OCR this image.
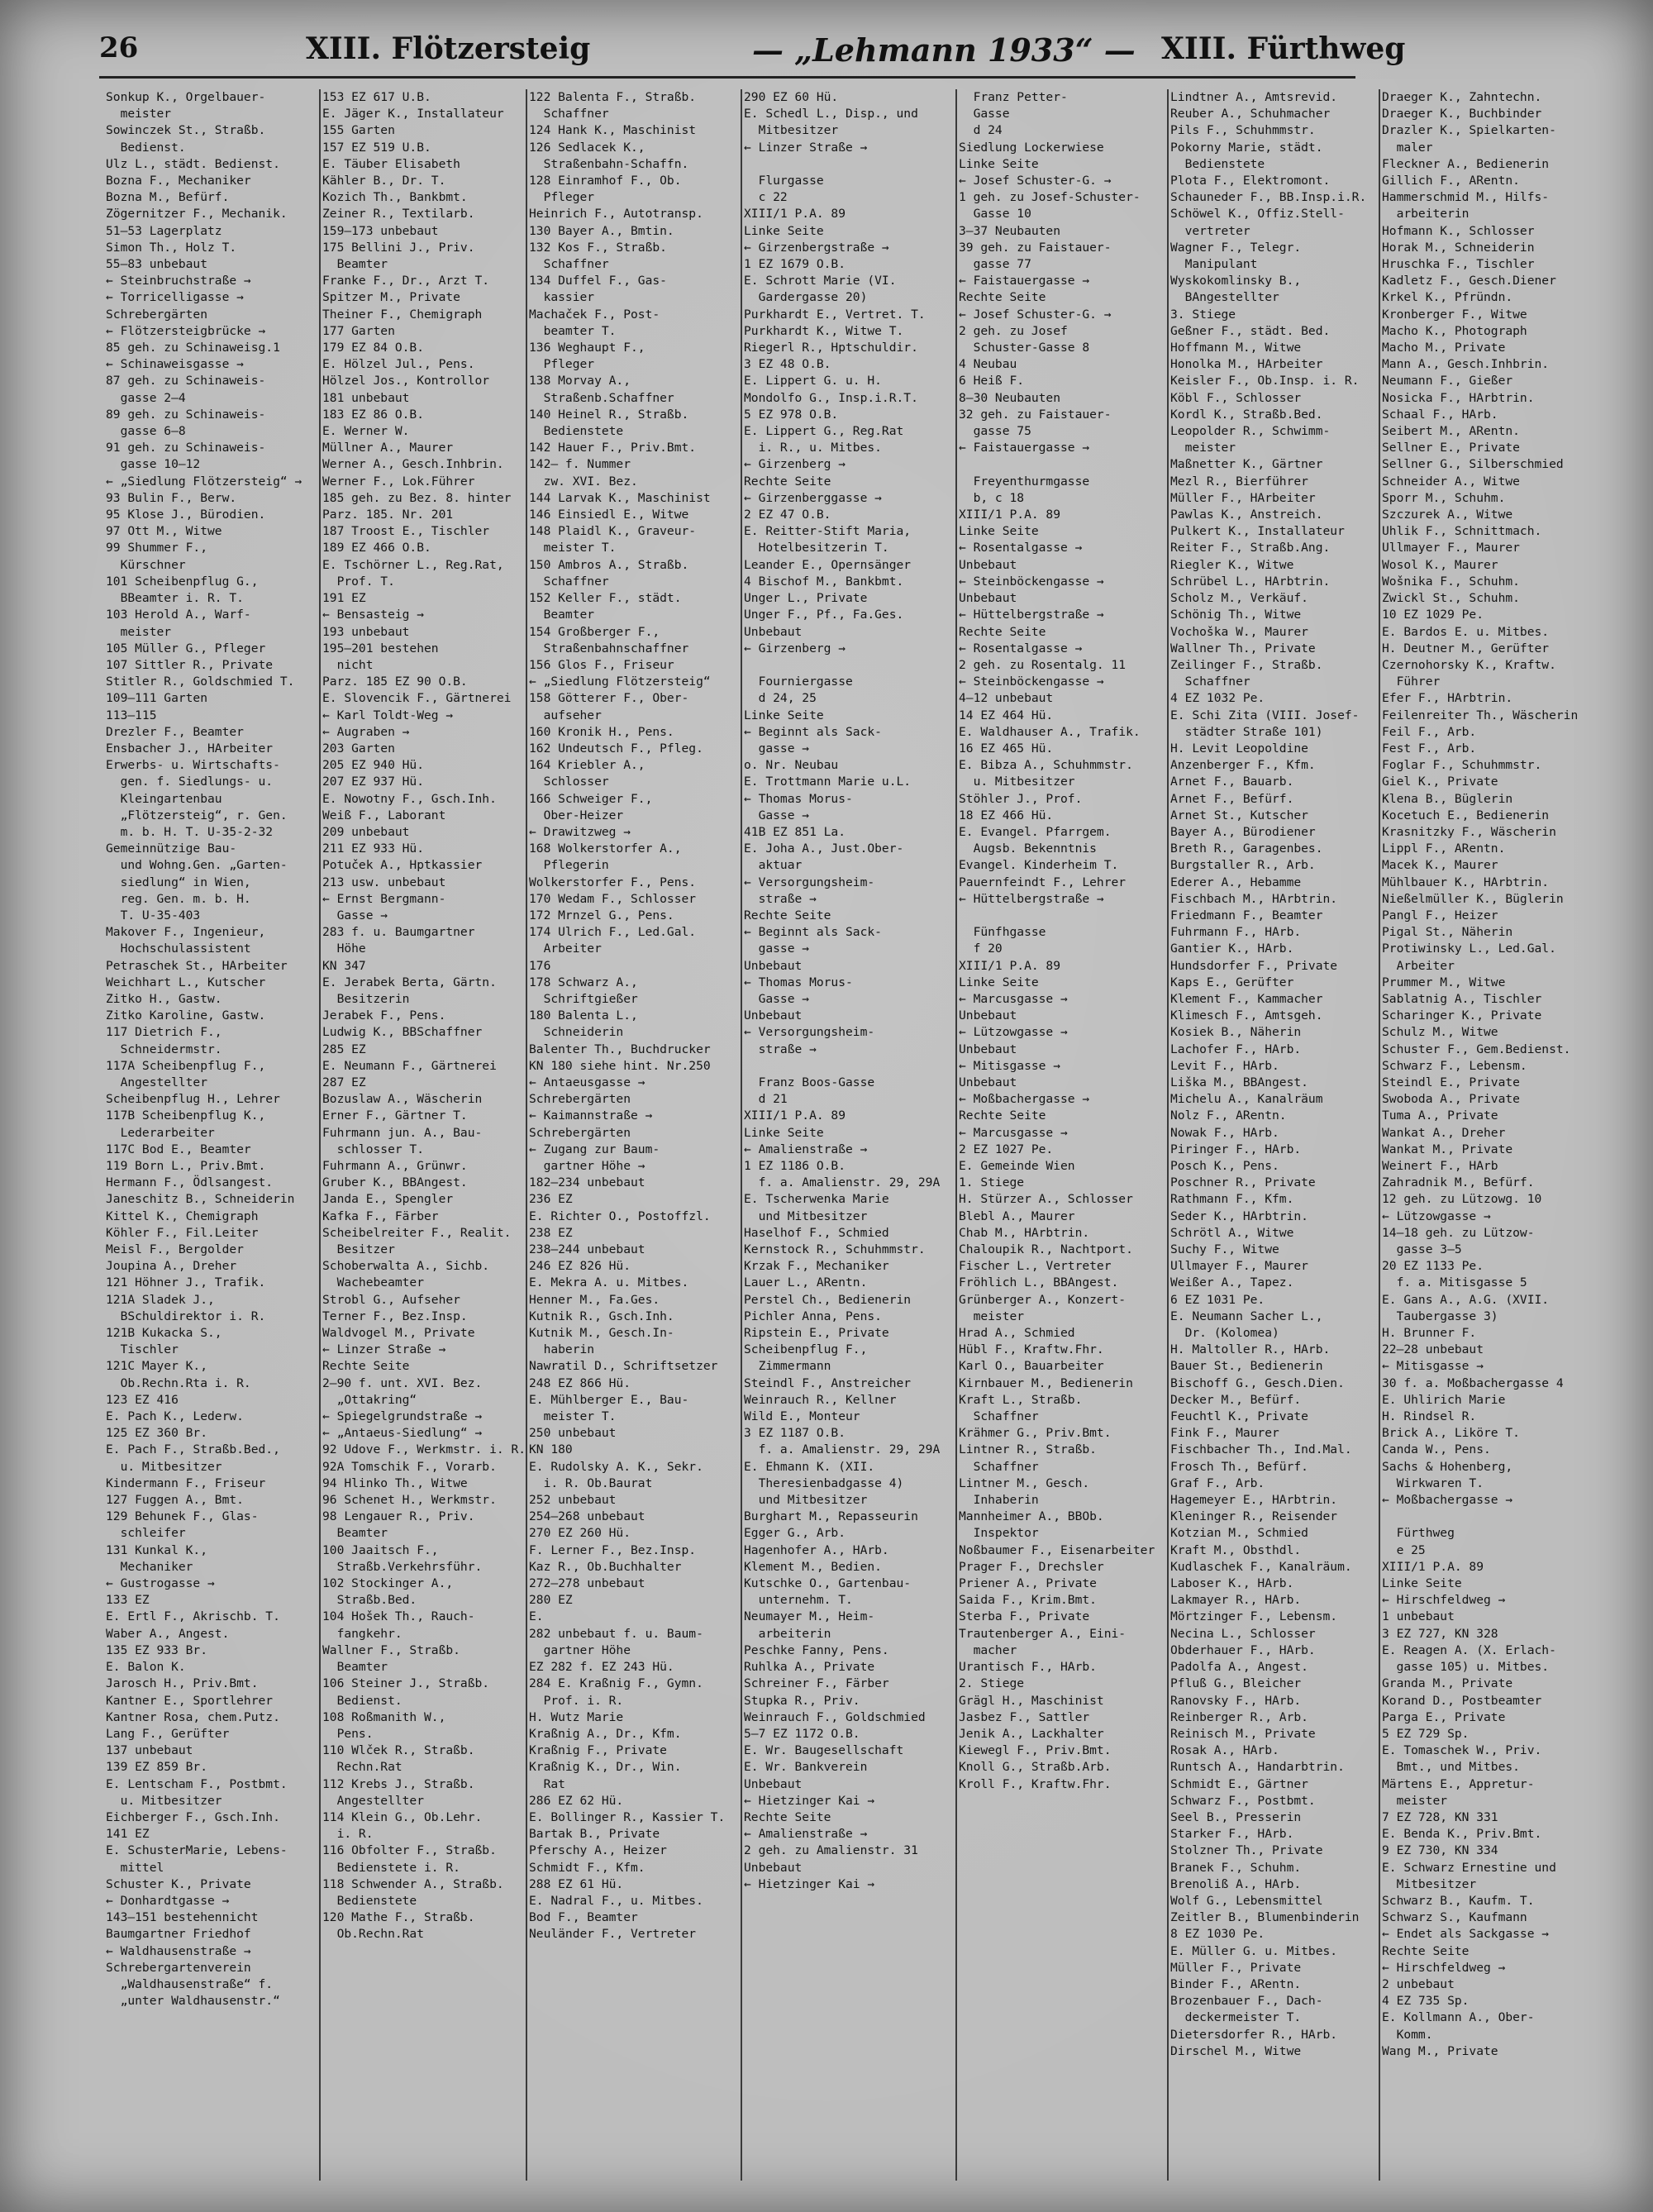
26	XIII. Flötzersteig	— „Lehmann 1933“ — XIII. Fürthweg
Sonkup K., Orgelbauer-
meister
Sowinczek St., Straßb.
Bedienst.
Ulz L., städt. Bedienst.
Bozna F., Mechaniker
Bozna M., Befürf.
Zögernitzer F., Mechanik.
51—53 Lagerplatz
Simon Th., Holz T.
55—83 unbebaut
← Steinbruchstraße →
← Torricelligasse →
Schrebergärten
← Flötzersteigbrücke →
85 geh. zu Schinaweisg.1
← Schinaweisgasse →
87 geh. zu Schinaweis-
gasse 2—4
89 geh. zu Schinaweis-
gasse 6—8
91 geh. zu Schinaweis-
gasse 10—12
← „Siedlung Flötzersteig“ →
93 Bulin F., Berw.
95 Klose J., Bürodien.
97 Ott M., Witwe
99 Shummer F.,
Kürschner
101 Scheibenpflug G.,
BBeamter i. R. T.
103 Herold A., Warf-
meister
105 Müller G., Pfleger
107 Sittler R., Private
Stitler R., Goldschmied T.
109—111 Garten
113—115
Drezler F., Beamter
Ensbacher J., HArbeiter
Erwerbs- u. Wirtschafts-
gen. f. Siedlungs- u.
Kleingartenbau
„Flötzersteig“, r. Gen.
m. b. H. T. U-35-2-32
Gemeinnützige Bau-
und Wohng.Gen. „Garten-
siedlung“ in Wien,
reg. Gen. m. b. H.
T. U-35-403
Makover F., Ingenieur,
Hochschulassistent
Petraschek St., HArbeiter
Weichhart L., Kutscher
Zitko H., Gastw.
Zitko Karoline, Gastw.
117 Dietrich F.,
Schneidermstr.
117A Scheibenpflug F.,
Angestellter
Scheibenpflug H., Lehrer
117B Scheibenpflug K.,
Lederarbeiter
117C Bod E., Beamter
119 Born L., Priv.Bmt.
Hermann F., Ödlsangest.
Janeschitz B., Schneiderin
Kittel K., Chemigraph
Köhler F., Fil.Leiter
Meisl F., Bergolder
Joupina A., Dreher
121 Höhner J., Trafik.
121A Sladek J.,
BSchuldirektor i. R.
121B Kukacka S.,
Tischler
121C Mayer K.,
Ob.Rechn.Rta i. R.
123 EZ 416
E. Pach K., Lederw.
125 EZ 360 Br.
E. Pach F., Straßb.Bed.,
u. Mitbesitzer
Kindermann F., Friseur
127 Fuggen A., Bmt.
129 Behunek F., Glas-
schleifer
131 Kunkal K.,
Mechaniker
← Gustrogasse →
133 EZ
E. Ertl F., Akrischb. T.
Waber A., Angest.
135 EZ 933 Br.
E. Balon K.
Jarosch H., Priv.Bmt.
Kantner E., Sportlehrer
Kantner Rosa, chem.Putz.
Lang F., Gerüfter
137 unbebaut
139 EZ 859 Br.
E. Lentscham F., Postbmt.
u. Mitbesitzer
Eichberger F., Gsch.Inh.
141 EZ
E. SchusterMarie, Lebens-
mittel
Schuster K., Private
← Donhardtgasse →
143—151 bestehennicht
Baumgartner Friedhof
← Waldhausenstraße →
Schrebergartenverein
„Waldhausenstraße“ f.
„unter Waldhausenstr.“
153 EZ 617 U.B.
E. Jäger K., Installateur
155 Garten
157 EZ 519 U.B.
E. Täuber Elisabeth
Kähler B., Dr. T.
Kozich Th., Bankbmt.
Zeiner R., Textilarb.
159—173 unbebaut
175 Bellini J., Priv.
Beamter
Franke F., Dr., Arzt T.
Spitzer M., Private
Theiner F., Chemigraph
177 Garten
179 EZ 84 O.B.
E. Hölzel Jul., Pens.
Hölzel Jos., Kontrollor
181 unbebaut
183 EZ 86 O.B.
E. Werner W.
Müllner A., Maurer
Werner A., Gesch.Inhbrin.
Werner F., Lok.Führer
185 geh. zu Bez. 8. hinter
Parz. 185. Nr. 201
187 Troost E., Tischler
189 EZ 466 O.B.
E. Tschörner L., Reg.Rat,
Prof. T.
191 EZ
← Bensasteig →
193 unbebaut
195—201 bestehen
nicht
Parz. 185 EZ 90 O.B.
E. Slovencik F., Gärtnerei
← Karl Toldt-Weg →
← Augraben →
203 Garten
205 EZ 940 Hü.
207 EZ 937 Hü.
E. Nowotny F., Gsch.Inh.
Weiß F., Laborant
209 unbebaut
211 EZ 933 Hü.
Potuček A., Hptkassier
213 usw. unbebaut
← Ernst Bergmann-
Gasse →
283 f. u. Baumgartner
Höhe
KN 347
E. Jerabek Berta, Gärtn.
Besitzerin
Jerabek F., Pens.
Ludwig K., BBSchaffner
285 EZ
E. Neumann F., Gärtnerei
287 EZ
Bozuslaw A., Wäscherin
Erner F., Gärtner T.
Fuhrmann jun. A., Bau-
schlosser T.
Fuhrmann A., Grünwr.
Gruber K., BBAngest.
Janda E., Spengler
Kafka F., Färber
Scheibelreiter F., Realit.
Besitzer
Schoberwalta A., Sichb.
Wachebeamter
Strobl G., Aufseher
Terner F., Bez.Insp.
Waldvogel M., Private
← Linzer Straße →
Rechte Seite
2—90 f. unt. XVI. Bez.
„Ottakring“
← Spiegelgrundstraße →
← „Antaeus-Siedlung“ →
92 Udove F., Werkmstr. i. R.
92A Tomschik F., Vorarb.
94 Hlinko Th., Witwe
96 Schenet H., Werkmstr.
98 Lengauer R., Priv.
Beamter
100 Jaaitsch F.,
Straßb.Verkehrsführ.
102 Stockinger A.,
Straßb.Bed.
104 Hošek Th., Rauch-
fangkehr.
Wallner F., Straßb.
Beamter
106 Steiner J., Straßb.
Bedienst.
108 Roßmanith W.,
Pens.
110 Wlček R., Straßb.
Rechn.Rat
112 Krebs J., Straßb.
Angestellter
114 Klein G., Ob.Lehr.
i. R.
116 Obfolter F., Straßb.
Bedienstete i. R.
118 Schwender A., Straßb.
Bedienstete
120 Mathe F., Straßb.
Ob.Rechn.Rat
122 Balenta F., Straßb.
Schaffner
124 Hank K., Maschinist
126 Sedlacek K.,
Straßenbahn-Schaffn.
128 Einramhof F., Ob.
Pfleger
Heinrich F., Autotransp.
130 Bayer A., Bmtin.
132 Kos F., Straßb.
Schaffner
134 Duffel F., Gas-
kassier
Machaček F., Post-
beamter T.
136 Weghaupt F.,
Pfleger
138 Morvay A.,
Straßenb.Schaffner
140 Heinel R., Straßb.
Bedienstete
142 Hauer F., Priv.Bmt.
142— f. Nummer
zw. XVI. Bez.
144 Larvak K., Maschinist
146 Einsiedl E., Witwe
148 Plaidl K., Graveur-
meister T.
150 Ambros A., Straßb.
Schaffner
152 Keller F., städt.
Beamter
154 Großberger F.,
Straßenbahnschaffner
156 Glos F., Friseur
← „Siedlung Flötzersteig“
158 Götterer F., Ober-
aufseher
160 Kronik H., Pens.
162 Undeutsch F., Pfleg.
164 Kriebler A.,
Schlosser
166 Schweiger F.,
Ober-Heizer
← Drawitzweg →
168 Wolkerstorfer A.,
Pflegerin
Wolkerstorfer F., Pens.
170 Wedam F., Schlosser
172 Mrnzel G., Pens.
174 Ulrich F., Led.Gal.
Arbeiter
176
178 Schwarz A.,
Schriftgießer
180 Balenta L.,
Schneiderin
Balenter Th., Buchdrucker
KN 180 siehe hint. Nr.250
← Antaeusgasse →
Schrebergärten
← Kaimannstraße →
Schrebergärten
← Zugang zur Baum-
gartner Höhe →
182—234 unbebaut
236 EZ
E. Richter O., Postoffzl.
238 EZ
238—244 unbebaut
246 EZ 826 Hü.
E. Mekra A. u. Mitbes.
Henner M., Fa.Ges.
Kutnik R., Gsch.Inh.
Kutnik M., Gesch.In-
haberin
Nawratil D., Schriftsetzer
248 EZ 866 Hü.
E. Mühlberger E., Bau-
meister T.
250 unbebaut
KN 180
E. Rudolsky A. K., Sekr.
i. R. Ob.Baurat
252 unbebaut
254—268 unbebaut
270 EZ 260 Hü.
F. Lerner F., Bez.Insp.
Kaz R., Ob.Buchhalter
272—278 unbebaut
280 EZ
E.
282 unbebaut f. u. Baum-
gartner Höhe
EZ 282 f. EZ 243 Hü.
284 E. Kraßnig F., Gymn.
Prof. i. R.
H. Wutz Marie
Kraßnig A., Dr., Kfm.
Kraßnig F., Private
Kraßnig K., Dr., Win.
Rat
286 EZ 62 Hü.
E. Bollinger R., Kassier T.
Bartak B., Private
Pferschy A., Heizer
Schmidt F., Kfm.
288 EZ 61 Hü.
E. Nadral F., u. Mitbes.
Bod F., Beamter
Neuländer F., Vertreter
290 EZ 60 Hü.
E. Schedl L., Disp., und
Mitbesitzer
← Linzer Straße →

Flurgasse
c 22
XIII/1 P.A. 89
Linke Seite
← Girzenbergstraße →
1 EZ 1679 O.B.
E. Schrott Marie (VI.
Gardergasse 20)
Purkhardt E., Vertret. T.
Purkhardt K., Witwe T.
Riegerl R., Hptschuldir.
3 EZ 48 O.B.
E. Lippert G. u. H.
Mondolfo G., Insp.i.R.T.
5 EZ 978 O.B.
E. Lippert G., Reg.Rat
i. R., u. Mitbes.
← Girzenberg →
Rechte Seite
← Girzenberggasse →
2 EZ 47 O.B.
E. Reitter-Stift Maria,
Hotelbesitzerin T.
Leander E., Opernsänger
4 Bischof M., Bankbmt.
Unger L., Private
Unger F., Pf., Fa.Ges.
Unbebaut
← Girzenberg →

Fourniergasse
d 24, 25
Linke Seite
← Beginnt als Sack-
gasse →
o. Nr. Neubau
E. Trottmann Marie u.L.
← Thomas Morus-
Gasse →
41B EZ 851 La.
E. Joha A., Just.Ober-
aktuar
← Versorgungsheim-
straße →
Rechte Seite
← Beginnt als Sack-
gasse →
Unbebaut
← Thomas Morus-
Gasse →
Unbebaut
← Versorgungsheim-
straße →

Franz Boos-Gasse
d 21
XIII/1 P.A. 89
Linke Seite
← Amalienstraße →
1 EZ 1186 O.B.
f. a. Amalienstr. 29, 29A
E. Tscherwenka Marie
und Mitbesitzer
Haselhof F., Schmied
Kernstock R., Schuhmmstr.
Krzak F., Mechaniker
Lauer L., ARentn.
Perstel Ch., Bedienerin
Pichler Anna, Pens.
Ripstein E., Private
Scheibenpflug F.,
Zimmermann
Steindl F., Anstreicher
Weinrauch R., Kellner
Wild E., Monteur
3 EZ 1187 O.B.
f. a. Amalienstr. 29, 29A
E. Ehmann K. (XII.
Theresienbadgasse 4)
und Mitbesitzer
Burghart M., Repasseurin
Egger G., Arb.
Hagenhofer A., HArb.
Klement M., Bedien.
Kutschke O., Gartenbau-
unternehm. T.
Neumayer M., Heim-
arbeiterin
Peschke Fanny, Pens.
Ruhlka A., Private
Schreiner F., Färber
Stupka R., Priv.
Weinrauch F., Goldschmied
5—7 EZ 1172 O.B.
E. Wr. Baugesellschaft
E. Wr. Bankverein
Unbebaut
← Hietzinger Kai →
Rechte Seite
← Amalienstraße →
2 geh. zu Amalienstr. 31
Unbebaut
← Hietzinger Kai →
Franz Petter-
Gasse
d 24
Siedlung Lockerwiese
Linke Seite
← Josef Schuster-G. →
1 geh. zu Josef-Schuster-
Gasse 10
3—37 Neubauten
39 geh. zu Faistauer-
gasse 77
← Faistauergasse →
Rechte Seite
← Josef Schuster-G. →
2 geh. zu Josef
Schuster-Gasse 8
4 Neubau
6 Heiß F.
8—30 Neubauten
32 geh. zu Faistauer-
gasse 75
← Faistauergasse →

Freyenthurmgasse
b, c 18
XIII/1 P.A. 89
Linke Seite
← Rosentalgasse →
Unbebaut
← Steinböckengasse →
Unbebaut
← Hüttelbergstraße →
Rechte Seite
← Rosentalgasse →
2 geh. zu Rosentalg. 11
← Steinböckengasse →
4—12 unbebaut
14 EZ 464 Hü.
E. Waldhauser A., Trafik.
16 EZ 465 Hü.
E. Bibza A., Schuhmmstr.
u. Mitbesitzer
Stöhler J., Prof.
18 EZ 466 Hü.
E. Evangel. Pfarrgem.
Augsb. Bekenntnis
Evangel. Kinderheim T.
Pauernfeindt F., Lehrer
← Hüttelbergstraße →

Fünfhgasse
f 20
XIII/1 P.A. 89
Linke Seite
← Marcusgasse →
Unbebaut
← Lützowgasse →
Unbebaut
← Mitisgasse →
Unbebaut
← Moßbachergasse →
Rechte Seite
← Marcusgasse →
2 EZ 1027 Pe.
E. Gemeinde Wien
1. Stiege
H. Stürzer A., Schlosser
Blebl A., Maurer
Chab M., HArbtrin.
Chaloupik R., Nachtport.
Fischer L., Vertreter
Fröhlich L., BBAngest.
Grünberger A., Konzert-
meister
Hrad A., Schmied
Hübl F., Kraftw.Fhr.
Karl O., Bauarbeiter
Kirnbauer M., Bedienerin
Kraft L., Straßb.
Schaffner
Krähmer G., Priv.Bmt.
Lintner R., Straßb.
Schaffner
Lintner M., Gesch.
Inhaberin
Mannheimer A., BBOb.
Inspektor
Noßbaumer F., Eisenarbeiter
Prager F., Drechsler
Priener A., Private
Saida F., Krim.Bmt.
Sterba F., Private
Trautenberger A., Eini-
macher
Urantisch F., HArb.
2. Stiege
Grägl H., Maschinist
Jasbez F., Sattler
Jenik A., Lackhalter
Kiewegl F., Priv.Bmt.
Knoll G., Straßb.Arb.
Kroll F., Kraftw.Fhr.
Lindtner A., Amtsrevid.
Reuber A., Schuhmacher
Pils F., Schuhmmstr.
Pokorny Marie, städt.
Bedienstete
Plota F., Elektromont.
Schauneder F., BB.Insp.i.R.
Schöwel K., Offiz.Stell-
vertreter
Wagner F., Telegr.
Manipulant
Wyskokomlinsky B.,
BAngestellter
3. Stiege
Geßner F., städt. Bed.
Hoffmann M., Witwe
Honolka M., HArbeiter
Keisler F., Ob.Insp. i. R.
Köbl F., Schlosser
Kordl K., Straßb.Bed.
Leopolder R., Schwimm-
meister
Maßnetter K., Gärtner
Mezl R., Bierführer
Müller F., HArbeiter
Pawlas K., Anstreich.
Pulkert K., Installateur
Reiter F., Straßb.Ang.
Riegler K., Witwe
Schrübel L., HArbtrin.
Scholz M., Verkäuf.
Schönig Th., Witwe
Vochoška W., Maurer
Wallner Th., Private
Zeilinger F., Straßb.
Schaffner
4 EZ 1032 Pe.
E. Schi Zita (VIII. Josef-
städter Straße 101)
H. Levit Leopoldine
Anzenberger F., Kfm.
Arnet F., Bauarb.
Arnet F., Befürf.
Arnet St., Kutscher
Bayer A., Bürodiener
Breth R., Garagenbes.
Burgstaller R., Arb.
Ederer A., Hebamme
Fischbach M., HArbtrin.
Friedmann F., Beamter
Fuhrmann F., HArb.
Gantier K., HArb.
Hundsdorfer F., Private
Kaps E., Gerüfter
Klement F., Kammacher
Klimesch F., Amtsgeh.
Kosiek B., Näherin
Lachofer F., HArb.
Levit F., HArb.
Liška M., BBAngest.
Michelu A., Kanalräum
Nolz F., ARentn.
Nowak F., HArb.
Piringer F., HArb.
Posch K., Pens.
Poschner R., Private
Rathmann F., Kfm.
Seder K., HArbtrin.
Schrötl A., Witwe
Suchy F., Witwe
Ullmayer F., Maurer
Weißer A., Tapez.
6 EZ 1031 Pe.
E. Neumann Sacher L.,
Dr. (Kolomea)
H. Maltoller R., HArb.
Bauer St., Bedienerin
Bischoff G., Gesch.Dien.
Decker M., Befürf.
Feuchtl K., Private
Fink F., Maurer
Fischbacher Th., Ind.Mal.
Frosch Th., Befürf.
Graf F., Arb.
Hagemeyer E., HArbtrin.
Kleninger R., Reisender
Kotzian M., Schmied
Kraft M., Obsthdl.
Kudlaschek F., Kanalräum.
Laboser K., HArb.
Lakmayer R., HArb.
Mörtzinger F., Lebensm.
Necina L., Schlosser
Obderhauer F., HArb.
Padolfa A., Angest.
Pfluß G., Bleicher
Ranovsky F., HArb.
Reinberger R., Arb.
Reinisch M., Private
Rosak A., HArb.
Runtsch A., Handarbtrin.
Schmidt E., Gärtner
Schwarz F., Postbmt.
Seel B., Presserin
Starker F., HArb.
Stolzner Th., Private
Branek F., Schuhm.
Brenoliß A., HArb.
Wolf G., Lebensmittel
Zeitler B., Blumenbinderin
8 EZ 1030 Pe.
E. Müller G. u. Mitbes.
Müller F., Private
Binder F., ARentn.
Brozenbauer F., Dach-
deckermeister T.
Dietersdorfer R., HArb.
Dirschel M., Witwe
Draeger K., Zahntechn.
Draeger K., Buchbinder
Drazler K., Spielkarten-
maler
Fleckner A., Bedienerin
Gillich F., ARentn.
Hammerschmid M., Hilfs-
arbeiterin
Hofmann K., Schlosser
Horak M., Schneiderin
Hruschka F., Tischler
Kadletz F., Gesch.Diener
Krkel K., Pfründn.
Kronberger F., Witwe
Macho K., Photograph
Macho M., Private
Mann A., Gesch.Inhbrin.
Neumann F., Gießer
Nosicka F., HArbtrin.
Schaal F., HArb.
Seibert M., ARentn.
Sellner E., Private
Sellner G., Silberschmied
Schneider A., Witwe
Sporr M., Schuhm.
Szczurek A., Witwe
Uhlik F., Schnittmach.
Ullmayer F., Maurer
Wosol K., Maurer
Wošnika F., Schuhm.
Zwickl St., Schuhm.
10 EZ 1029 Pe.
E. Bardos E. u. Mitbes.
H. Deutner M., Gerüfter
Czernohorsky K., Kraftw.
Führer
Efer F., HArbtrin.
Feilenreiter Th., Wäscherin
Feil F., Arb.
Fest F., Arb.
Foglar F., Schuhmmstr.
Giel K., Private
Klena B., Büglerin
Kocetuch E., Bedienerin
Krasnitzky F., Wäscherin
Lippl F., ARentn.
Macek K., Maurer
Mühlbauer K., HArbtrin.
Nießelmüller K., Büglerin
Pangl F., Heizer
Pigal St., Näherin
Protiwinsky L., Led.Gal.
Arbeiter
Prummer M., Witwe
Sablatnig A., Tischler
Scharinger K., Private
Schulz M., Witwe
Schuster F., Gem.Bedienst.
Schwarz F., Lebensm.
Steindl E., Private
Swoboda A., Private
Tuma A., Private
Wankat A., Dreher
Wankat M., Private
Weinert F., HArb
Zahradnik M., Befürf.
12 geh. zu Lützowg. 10
← Lützowgasse →
14—18 geh. zu Lützow-
gasse 3—5
20 EZ 1133 Pe.
f. a. Mitisgasse 5
E. Gans A., A.G. (XVII.
Taubergasse 3)
H. Brunner F.
22—28 unbebaut
← Mitisgasse →
30 f. a. Moßbachergasse 4
E. Uhlirich Marie
H. Rindsel R.
Brick A., Liköre T.
Canda W., Pens.
Sachs & Hohenberg,
Wirkwaren T.
← Moßbachergasse →

Fürthweg
e 25
XIII/1 P.A. 89
Linke Seite
← Hirschfeldweg →
1 unbebaut
3 EZ 727, KN 328
E. Reagen A. (X. Erlach-
gasse 105) u. Mitbes.
Granda M., Private
Korand D., Postbeamter
Parga E., Private
5 EZ 729 Sp.
E. Tomaschek W., Priv.
Bmt., und Mitbes.
Märtens E., Appretur-
meister
7 EZ 728, KN 331
E. Benda K., Priv.Bmt.
9 EZ 730, KN 334
E. Schwarz Ernestine und
Mitbesitzer
Schwarz B., Kaufm. T.
Schwarz S., Kaufmann
← Endet als Sackgasse →
Rechte Seite
← Hirschfeldweg →
2 unbebaut
4 EZ 735 Sp.
E. Kollmann A., Ober-
Komm.
Wang M., Private
